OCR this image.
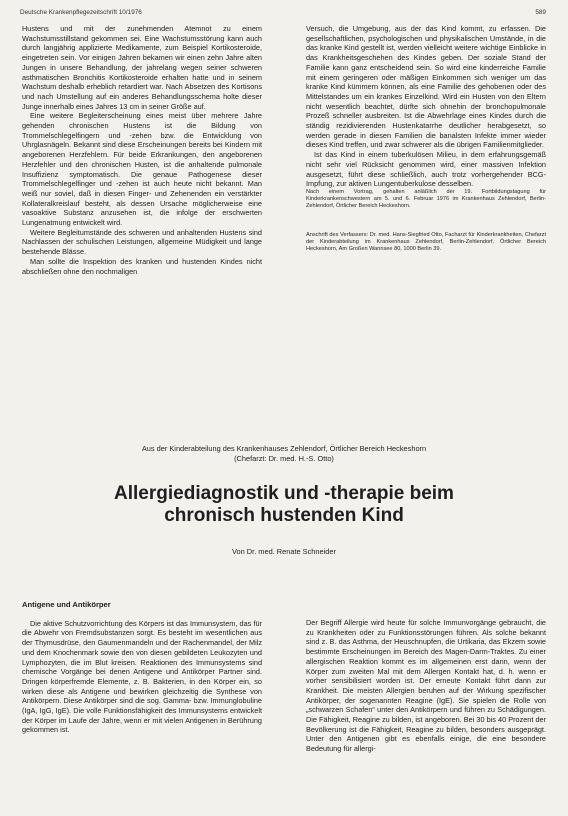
Deutsche Krankenpflegezeitschrift 10/1976	589

Hustens und mit der zunehmenden Atemnot zu einem Wachstumsstillstand gekommen sei. Eine Wachstumsstörung kann auch durch langjährig applizierte Medikamente, zum Beispiel Kortikosteroide, eingetreten sein. Vor einigen Jahren bekamen wir einen zehn Jahre alten Jungen in unsere Behandlung, der jahrelang wegen seiner schweren asthmatischen Bronchitis Kortikosteroide erhalten hatte und in seinem Wachstum deshalb erheblich retardiert war. Nach Absetzen des Kortisons und nach Umstellung auf ein anderes Behandlungsschema holte dieser Junge innerhalb eines Jahres 13 cm in seiner Größe auf.

Eine weitere Begleiterscheinung eines meist über mehrere Jahre gehenden chronischen Hustens ist die Bildung von Trommelschlegelfingern und -zehen bzw. die Entwicklung von Uhrglasnägeln. Bekannt sind diese Erscheinungen bereits bei Kindern mit angeborenen Herzfehlern. Für beide Erkrankungen, den angeborenen Herzfehler und den chronischen Husten, ist die anhaltende pulmonale Insuffizienz symptomatisch. Die genaue Pathogenese dieser Trommelschlegelfinger und -zehen ist auch heute nicht bekannt. Man weiß nur soviel, daß in diesen Finger- und Zehenenden ein verstärkter Kollateralkreislauf besteht, als dessen Ursache möglicherweise eine vasoaktive Substanz anzusehen ist, die infolge der erschwerten Lungenatmung entwickelt wird.

Weitere Begleitumstände des schweren und anhaltenden Hustens sind Nachlassen der schulischen Leistungen, allgemeine Müdigkeit und lange bestehende Blässe.

Man sollte die Inspektion des kranken und hustenden Kindes nicht abschließen ohne den nochmaligen

Versuch, die Umgebung, aus der das Kind kommt, zu erfassen. Die gesellschaftlichen, psychologischen und physikalischen Umstände, in die das kranke Kind gestellt ist, werden vielleicht weitere wichtige Einblicke in das Krankheitsgeschehen des Kindes geben. Der soziale Stand der Familie kann ganz entscheidend sein. So wird eine kinderreiche Familie mit einem geringeren oder mäßigen Einkommen sich weniger um das kranke Kind kümmern können, als eine Familie des gehobenen oder des Mittelstandes um ein krankes Einzelkind. Wird ein Husten von den Eltern nicht wesentlich beachtet, dürfte sich ohnehin der bronchopulmonale Prozeß schneller ausbreiten. Ist die Abwehrlage eines Kindes durch die ständig rezidivierenden Hustenkatarrhe deutlicher herabgesetzt, so werden gerade in diesen Familien die banalsten Infekte immer wieder dieses Kind treffen, und zwar schwerer als die übrigen Familienmitglieder.

Ist das Kind in einem tuberkulösen Milieu, in dem erfahrungsgemäß nicht sehr viel Rücksicht genommen wird, einer massiven Infektion ausgesetzt, führt diese schließlich, auch trotz vorhergehender BCG-Impfung, zur aktiven Lungentuberkulose desselben.

Nach einem Vortrag, gehalten anläßlich der 19. Fortbildungstagung für Kinderkrankenschwestern am 5. und 6. Februar 1976 im Krankenhaus Zehlendorf, Berlin-Zehlendorf, Örtlicher Bereich Heckeshorn.

Anschrift des Verfassers: Dr. med. Hans-Siegfried Otto, Facharzt für Kinderkrankheiten, Chefarzt der Kinderabteilung im Krankenhaus Zehlendorf, Berlin-Zehlendorf, Örtlicher Bereich Heckeshorn, Am Großen Wannsee 80, 1000 Berlin 39.

Aus der Kinderabteilung des Krankenhauses Zehlendorf, Örtlicher Bereich Heckeshorn
(Chefarzt: Dr. med. H.-S. Otto)
Allergiediagnostik und -therapie beim
chronisch hustenden Kind
Von Dr. med. Renate Schneider
Antigene und Antikörper

Die aktive Schutzvorrichtung des Körpers ist das Immunsystem, das für die Abwehr von Fremdsubstanzen sorgt. Es besteht im wesentlichen aus der Thymusdrüse, den Gaumenmandeln und der Rachenmandel, der Milz und dem Knochenmark sowie den von diesen gebildeten Leukozyten und Lymphozyten, die im Blut kreisen. Reaktionen des Immunsystems sind chemische Vorgänge bei denen Antigene und Antikörper Partner sind. Dringen körperfremde Elemente, z. B. Bakterien, in den Körper ein, so wirken diese als Antigene und bewirken gleichzeitig die Synthese von Antikörpern. Diese Antikörper sind die sog. Gamma- bzw. Immunglobuline (IgA, IgG, IgE). Die volle Funktionsfähigkeit des Immunsystems entwickelt der Körper im Laufe der Jahre, wenn er mit vielen Antigenen in Berührung gekommen ist.

Der Begriff Allergie wird heute für solche Immunvorgänge gebraucht, die zu Krankheiten oder zu Funktionsstörungen führen. Als solche bekannt sind z. B. das Asthma, der Heuschnupfen, die Urtikaria, das Ekzem sowie bestimmte Erscheinungen im Bereich des Magen-Darm-Traktes. Zu einer allergischen Reaktion kommt es im allgemeinen erst dann, wenn der Körper zum zweiten Mal mit dem Allergen Kontakt hat, d. h. wenn er vorher sensibilisiert worden ist. Der erneute Kontakt führt dann zur Krankheit. Die meisten Allergien beruhen auf der Wirkung spezifischer Antikörper, der sogenannten Reagine (IgE). Sie spielen die Rolle von „schwarzen Schafen“ unter den Antikörpern und führen zu Schädigungen. Die Fähigkeit, Reagine zu bilden, ist angeboren. Bei 30 bis 40 Prozent der Bevölkerung ist die Fähigkeit, Reagine zu bilden, besonders ausgeprägt. Unter den Antigenen gibt es ebenfalls einige, die eine besondere Bedeutung für allergi-
